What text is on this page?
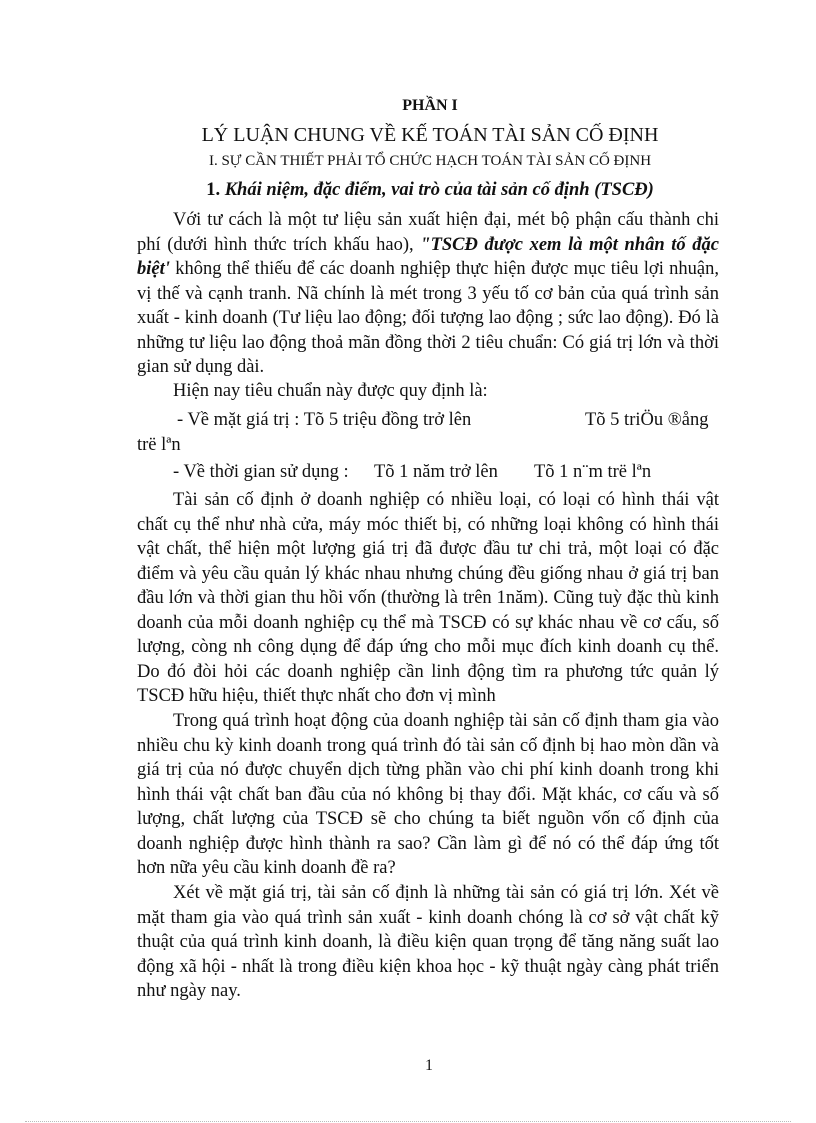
PHẦN I
LÝ LUẬN CHUNG VỀ KẾ TOÁN TÀI SẢN CỐ ĐỊNH
I. SỰ CẦN THIẾT PHẢI TỔ CHỨC HẠCH TOÁN TÀI SẢN CỐ ĐỊNH
1. Khái niệm, đặc điểm, vai trò của tài sản cố định (TSCĐ)

Với tư cách là một tư liệu sản xuất hiện đại, mét bộ phận cấu thành chi phí (dưới hình thức trích khấu hao), "TSCĐ được xem là một nhân tố đặc biệt' không thể thiếu để các doanh nghiệp thực hiện được mục tiêu lợi nhuận, vị thế và cạnh tranh. Nã chính là mét trong 3 yếu tố cơ bản của quá trình sản xuất - kinh doanh (Tư liệu lao động; đối tượng lao động ; sức lao động). Đó là những tư liệu lao động thoả mãn đồng thời 2 tiêu chuẩn: Có giá trị lớn và thời gian sử dụng dài.

Hiện nay tiêu chuẩn này được quy định là:
- Về mặt giá trị : Tõ 5 triệu đồng trở lên	Tõ 5 triÖu ®ång
trë lªn
- Về thời gian sử dụng : Tõ 1 năm trở lên Tõ 1 n¨m trë lªn

Tài sản cố định ở doanh nghiệp có nhiều loại, có loại có hình thái vật chất cụ thể như nhà cửa, máy móc thiết bị, có những loại không có hình thái vật chất, thể hiện một lượng giá trị đã được đầu tư chi trả, một loại có đặc điểm và yêu cầu quản lý khác nhau nhưng chúng đều giống nhau ở giá trị ban đầu lớn và thời gian thu hồi vốn (thường là trên 1năm). Cũng tuỳ đặc thù kinh doanh của mỗi doanh nghiệp cụ thể mà TSCĐ có sự khác nhau về cơ cấu, số lượng, còng nh công dụng để đáp ứng cho mỗi mục đích kinh doanh cụ thể. Do đó đòi hỏi các doanh nghiệp cần linh động tìm ra phương tức quản lý TSCĐ hữu hiệu, thiết thực nhất cho đơn vị mình

Trong quá trình hoạt động của doanh nghiệp tài sản cố định tham gia vào nhiều chu kỳ kinh doanh trong quá trình đó tài sản cố định bị hao mòn dần và giá trị của nó được chuyển dịch từng phần vào chi phí kinh doanh trong khi hình thái vật chất ban đầu của nó không bị thay đổi. Mặt khác, cơ cấu và số lượng, chất lượng của TSCĐ sẽ cho chúng ta biết nguồn vốn cố định của doanh nghiệp được hình thành ra sao? Cần làm gì để nó có thể đáp ứng tốt hơn nữa yêu cầu kinh doanh đề ra?

Xét về mặt giá trị, tài sản cố định là những tài sản có giá trị lớn. Xét về mặt tham gia vào quá trình sản xuất - kinh doanh chóng là cơ sở vật chất kỹ thuật của quá trình kinh doanh, là điều kiện quan trọng để tăng năng suất lao động xã hội - nhất là trong điều kiện khoa học - kỹ thuật ngày càng phát triển như ngày nay.

1
